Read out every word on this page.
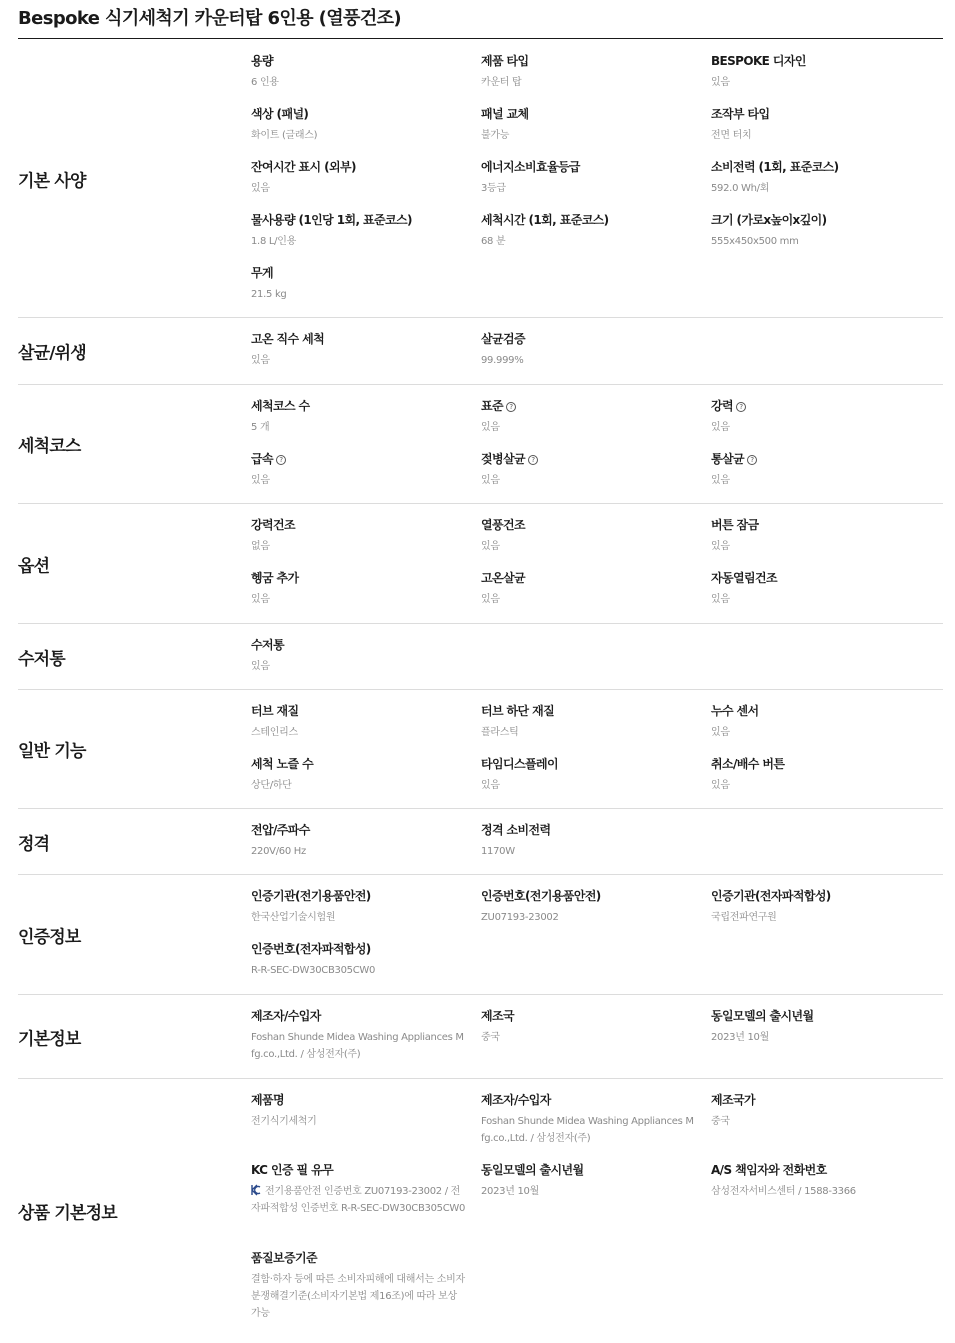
Bespoke 식기세척기 카운터탑 6인용 (열풍건조)
기본 사양
용량
6 인용
제품 타입
카운터 탑
BESPOKE 디자인
있음
색상 (패널)
화이트 (글래스)
패널 교체
불가능
조작부 타입
전면 터치
잔여시간 표시 (외부)
있음
에너지소비효율등급
3등급
소비전력 (1회, 표준코스)
592.0 Wh/회
물사용량 (1인당 1회, 표준코스)
1.8 L/인용
세척시간 (1회, 표준코스)
68 분
크기 (가로x높이x깊이)
555x450x500 mm
무게
21.5 kg
살균/위생
고온 직수 세척
있음
살균검증
99.999%
세척코스
세척코스 수
5 개
표준 ?
있음
강력 ?
있음
급속 ?
있음
젖병살균 ?
있음
통살균 ?
있음
옵션
강력건조
없음
열풍건조
있음
버튼 잠금
있음
헹굼 추가
있음
고온살균
있음
자동열림건조
있음
수저통
수저통
있음
일반 기능
터브 재질
스테인리스
터브 하단 재질
플라스틱
누수 센서
있음
세척 노즐 수
상단/하단
타임디스플레이
있음
취소/배수 버튼
있음
정격
전압/주파수
220V/60 Hz
정격 소비전력
1170W
인증정보
인증기관(전기용품안전)
한국산업기술시험원
인증번호(전기용품안전)
ZU07193-23002
인증기관(전자파적합성)
국립전파연구원
인증번호(전자파적합성)
R-R-SEC-DW30CB305CW0
기본정보
제조자/수입자
Foshan Shunde Midea Washing Appliances Mfg.co.,Ltd. / 삼성전자(주)
제조국
중국
동일모델의 출시년월
2023년 10월
상품 기본정보
제품명
전기식기세척기
제조자/수입자
Foshan Shunde Midea Washing Appliances Mfg.co.,Ltd. / 삼성전자(주)
제조국가
중국
KC 인증 필 유무
전기용품안전 인증번호 ZU07193-23002 / 전자파적합성 인증번호 R-R-SEC-DW30CB305CW0
동일모델의 출시년월
2023년 10월
A/S 책임자와 전화번호
삼성전자서비스센터 / 1588-3366
품질보증기준
결함·하자 등에 따른 소비자피해에 대해서는 소비자분쟁해결기준(소비자기본법 제16조)에 따라 보상가능
